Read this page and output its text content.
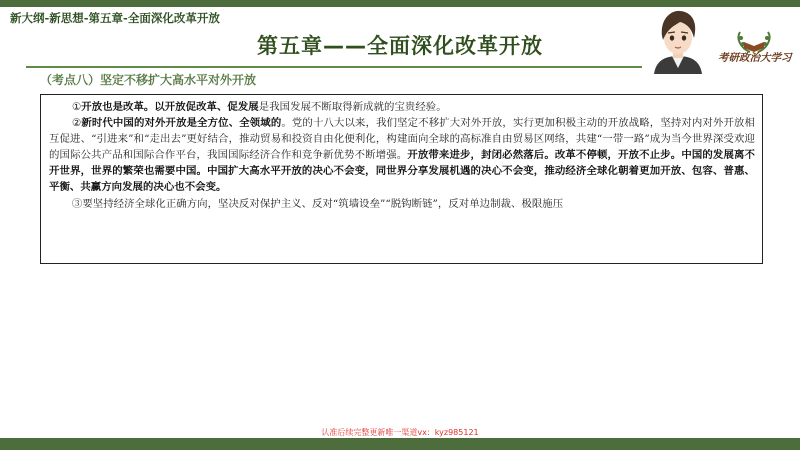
新大纲-新思想-第五章-全面深化改革开放
第五章——全面深化改革开放	考研政治大学习
（考点八）坚定不移扩大高水平对外开放

①开放也是改革。以开放促改革、促发展是我国发展不断取得新成就的宝贵经验。

②新时代中国的对外开放是全方位、全领域的。党的十八大以来，我们坚定不移扩大对外开放，实行更加积极主动的开放战略，坚持对内对外开放相互促进、“引进来”和“走出去”更好结合，推动贸易和投资自由化便利化，构建面向全球的高标准自由贸易区网络，共建“一带一路”成为当今世界深受欢迎的国际公共产品和国际合作平台，我国国际经济合作和竞争新优势不断增强。开放带来进步，封闭必然落后。改革不停顿，开放不止步。中国的发展离不开世界，世界的繁荣也需要中国。中国扩大高水平开放的决心不会变，同世界分享发展机遇的决心不会变，推动经济全球化朝着更加开放、包容、普惠、平衡、共赢方向发展的决心也不会变。

③要坚持经济全球化正确方向，坚决反对保护主义、反对“筑墙设垒”“脱钩断链”，反对单边制裁、极限施压

认准后续完整更新唯一渠道vx：kyz985121
